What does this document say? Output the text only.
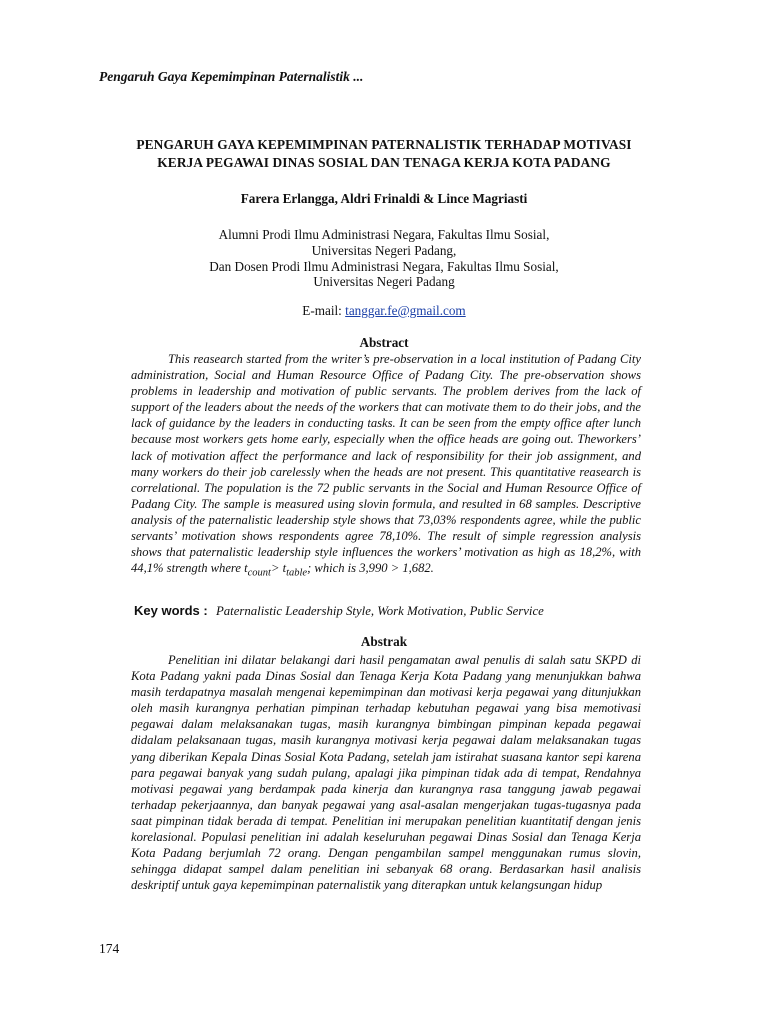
Pengaruh Gaya Kepemimpinan Paternalistik ...
PENGARUH GAYA KEPEMIMPINAN PATERNALISTIK TERHADAP MOTIVASI
KERJA PEGAWAI DINAS SOSIAL DAN TENAGA KERJA KOTA PADANG
Farera Erlangga, Aldri Frinaldi & Lince Magriasti
Alumni Prodi Ilmu Administrasi Negara, Fakultas Ilmu Sosial,
Universitas Negeri Padang,
Dan Dosen Prodi Ilmu Administrasi Negara, Fakultas Ilmu Sosial,
Universitas Negeri Padang
E-mail: tanggar.fe@gmail.com
Abstract

This reasearch started from the writer’s pre-observation in a local institution of Padang City administration, Social and Human Resource Office of Padang City. The pre-observation shows problems in leadership and motivation of public servants. The problem derives from the lack of support of the leaders about the needs of the workers that can motivate them to do their jobs, and the lack of guidance by the leaders in conducting tasks. It can be seen from the empty office after lunch because most workers gets home early, especially when the office heads are going out. Theworkers’ lack of motivation affect the performance and lack of responsibility for their job assignment, and many workers do their job carelessly when the heads are not present. This quantitative reasearch is correlational. The population is the 72 public servants in the Social and Human Resource Office of Padang City. The sample is measured using slovin formula, and resulted in 68 samples. Descriptive analysis of the paternalistic leadership style shows that 73,03% respondents agree, while the public servants’ motivation shows respondents agree 78,10%. The result of simple regression analysis shows that paternalistic leadership style influences the workers’ motivation as high as 18,2%, with 44,1% strength where $t_{count}> t_{table}$; which is 3,990 > 1,682.

Key words : Paternalistic Leadership Style, Work Motivation, Public Service
Abstrak

Penelitian ini dilatar belakangi dari hasil pengamatan awal penulis di salah satu SKPD di Kota Padang yakni pada Dinas Sosial dan Tenaga Kerja Kota Padang yang menunjukkan bahwa masih terdapatnya masalah mengenai kepemimpinan dan motivasi kerja pegawai yang ditunjukkan oleh masih kurangnya perhatian pimpinan terhadap kebutuhan pegawai yang bisa memotivasi pegawai dalam melaksanakan tugas, masih kurangnya bimbingan pimpinan kepada pegawai didalam pelaksanaan tugas, masih kurangnya motivasi kerja pegawai dalam melaksanakan tugas yang diberikan Kepala Dinas Sosial Kota Padang, setelah jam istirahat suasana kantor sepi karena para pegawai banyak yang sudah pulang, apalagi jika pimpinan tidak ada di tempat, Rendahnya motivasi pegawai yang berdampak pada kinerja dan kurangnya rasa tanggung jawab pegawai terhadap pekerjaannya, dan banyak pegawai yang asal-asalan mengerjakan tugas-tugasnya pada saat pimpinan tidak berada di tempat. Penelitian ini merupakan penelitian kuantitatif dengan jenis korelasional. Populasi penelitian ini adalah keseluruhan pegawai Dinas Sosial dan Tenaga Kerja Kota Padang berjumlah 72 orang. Dengan pengambilan sampel menggunakan rumus slovin, sehingga didapat sampel dalam penelitian ini sebanyak 68 orang. Berdasarkan hasil analisis deskriptif untuk gaya kepemimpinan paternalistik yang diterapkan untuk kelangsungan hidup

174
